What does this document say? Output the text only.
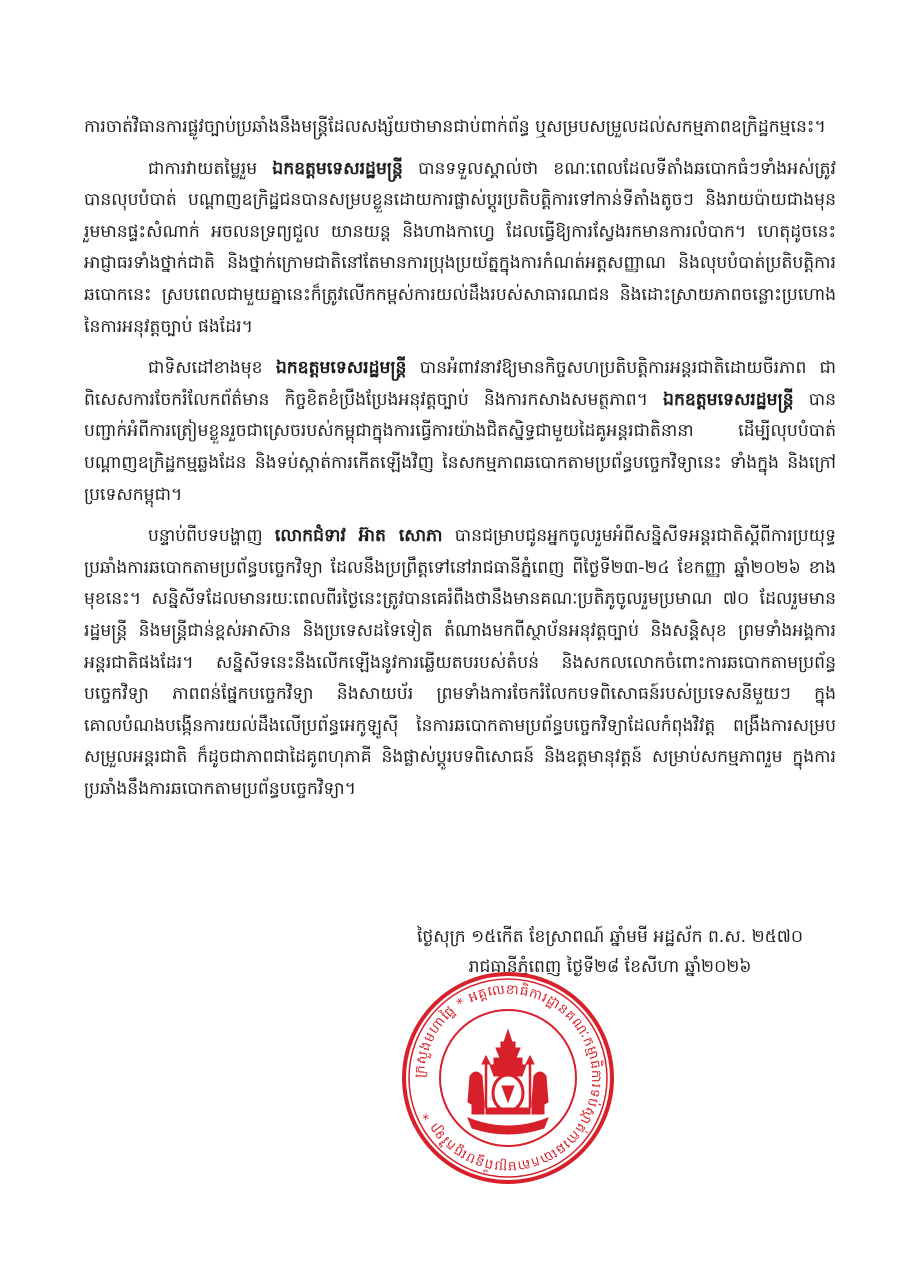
ការចាត់វិធានការផ្លូវច្បាប់ប្រឆាំងនឹងមន្ត្រីដែលសង្ស័យថាមានជាប់ពាក់ព័ន្ធ ឬសម្របសម្រួលដល់សកម្មភាពឧក្រិដ្ឋកម្មនេះ។

ជាការវាយតម្លៃរួម ឯកឧត្តមទេសរដ្ឋមន្ត្រី បានទទួលស្គាល់ថា ខណៈពេលដែលទីតាំងឆបោកធំៗទាំងអស់ត្រូវបានលុបបំបាត់ បណ្ដាញឧក្រិដ្ឋជនបានសម្របខ្លួនដោយការផ្លាស់ប្ដូរប្រតិបត្តិការទៅកាន់ទីតាំងតូចៗ និងរាយប៉ាយជាងមុន រួមមានផ្ទះសំណាក់ អចលនទ្រព្យជួល យានយន្ត និងហាងកាហ្វេ ដែលធ្វើឱ្យការស្វែងរកមានការលំបាក។ ហេតុដូចនេះ អាជ្ញាធរទាំងថ្នាក់ជាតិ និងថ្នាក់ក្រោមជាតិនៅតែមានការប្រុងប្រយ័ត្នក្នុងការកំណត់អត្តសញ្ញាណ និងលុបបំបាត់ប្រតិបត្តិការឆបោកនេះ ស្របពេលជាមួយគ្នានេះក៏ត្រូវលើកកម្ពស់ការយល់ដឹងរបស់សាធារណជន និងដោះស្រាយភាពចន្លោះប្រហោងនៃការអនុវត្តច្បាប់ ផងដែរ។

ជាទិសដៅខាងមុខ ឯកឧត្តមទេសរដ្ឋមន្ត្រី បានអំពាវនាវឱ្យមានកិច្ចសហប្រតិបត្តិការអន្តរជាតិដោយចីរភាព ជាពិសេសការចែករំលែកព័ត៌មាន កិច្ចខិតខំប្រឹងប្រែងអនុវត្តច្បាប់ និងការកសាងសមត្ថភាព។ ឯកឧត្តមទេសរដ្ឋមន្ត្រី បានបញ្ជាក់អំពីការត្រៀមខ្លួនរួចជាស្រេចរបស់កម្ពុជាក្នុងការធ្វើការយ៉ាងជិតស្និទ្ធជាមួយដៃគូអន្តរជាតិនានា ដើម្បីលុបបំបាត់បណ្ដាញឧក្រិដ្ឋកម្មឆ្លងដែន និងទប់ស្កាត់ការកើតឡើងវិញ នៃសកម្មភាពឆបោកតាមប្រព័ន្ធបច្ចេកវិទ្យានេះ ទាំងក្នុង និងក្រៅប្រទេសកម្ពុជា។

បន្ទាប់ពីបទបង្ហាញ លោកជំទាវ អ៊ាត សោភា បានជម្រាបជូនអ្នកចូលរួមអំពីសន្និសីទអន្តរជាតិស្ដីពីការប្រយុទ្ធប្រឆាំងការឆបោកតាមប្រព័ន្ធបច្ចេកវិទ្យា ដែលនឹងប្រព្រឹត្តទៅនៅរាជធានីភ្នំពេញ ពីថ្ងៃទី២៣-២៤ ខែកញ្ញា ឆ្នាំ២០២៦ ខាងមុខនេះ។ សន្និសីទដែលមានរយៈពេលពីរថ្ងៃនេះត្រូវបានគេរំពឹងថានឹងមានគណៈប្រតិភូចូលរួមប្រមាណ ៧០ ដែលរួមមានរដ្ឋមន្ត្រី និងមន្ត្រីជាន់ខ្ពស់អាស៊ាន និងប្រទេសដទៃទៀត តំណាងមកពីស្ថាប័នអនុវត្តច្បាប់ និងសន្តិសុខ ព្រមទាំងអង្គការអន្តរជាតិផងដែរ។ សន្និសីទនេះនឹងលើកឡើងនូវការឆ្លើយតបរបស់តំបន់ និងសកលលោកចំពោះការឆបោកតាមប្រព័ន្ធបច្ចេកវិទ្យា ភាពពន់ផ្នែកបច្ចេកវិទ្យា និងសាយប័រ ព្រមទាំងការចែករំលែកបទពិសោធន៍របស់ប្រទេសនីមួយៗ ក្នុងគោលបំណងបង្កើនការយល់ដឹងលើប្រព័ន្ធអេកូឡូស៊ី នៃការឆបោកតាមប្រព័ន្ធបច្ចេកវិទ្យាដែលកំពុងវិវត្ត ពង្រឹងការសម្របសម្រួលអន្តរជាតិ ក៏ដូចជាភាពជាដៃគូពហុភាគី និងផ្លាស់ប្ដូរបទពិសោធន៍ និងឧត្តមានុវត្តន៍ សម្រាប់សកម្មភាពរួម ក្នុងការប្រឆាំងនឹងការឆបោកតាមប្រព័ន្ធបច្ចេកវិទ្យា។

ថ្ងៃសុក្រ ១៥កើត ខែស្រាពណ៍ ឆ្នាំមមី អដ្ឋស័ក ព.ស. ២៥៧០
រាជធានីភ្នំពេញ ថ្ងៃទី២៨ ខែសីហា ឆ្នាំ២០២៦
ក្រសួងមហាផ្ទៃ * អគ្គលេខាធិការដ្ឋានគណៈកម្មាធិការទប់ស្កាត់ការឆបោកតាមប្រព័ន្ធបច្ចេកវិទ្យា *
